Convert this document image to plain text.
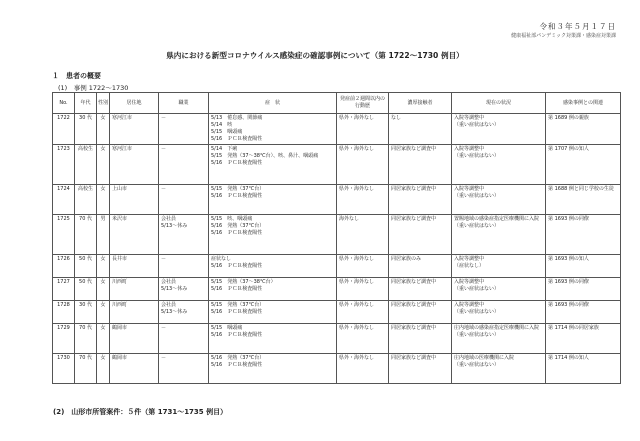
令和３年５月１７日
健康福祉部パンデミック対策課・感染症対策課
県内における新型コロナウイルス感染症の確認事例について（第 1722～1730 例目）
１　患者の概要
(1)　事例 1722～1730
No.	年代	性別	居住地	職業	症　状	発症前２週間以内の行動歴	濃厚接触者	現在の状況	感染事例との関連
1722	30 代	女	寒河江市	－	5/13　倦怠感、関節痛
5/14　咳
5/15　咽頭痛
5/16　ＰＣＲ検査陽性	県外・海外なし	なし	入院等調整中
（重い症状はない）	第 1689 例の親族
1723	高校生	女	寒河江市	－	5/14　下痢
5/15　発熱（37～38℃台）、咳、鼻汁、咽頭痛
5/16　ＰＣＲ検査陽性	県外・海外なし	同居家族など調査中	入院等調整中
（重い症状はない）	第 1707 例の知人
1724	高校生	女	上山市	－	5/15　発熱（37℃台）
5/16　ＰＣＲ検査陽性	県外・海外なし	同居家族など調査中	入院等調整中
（重い症状はない）	第 1688 例と同じ学校の生徒
1725	70 代	男	米沢市	会社員
5/13～休み	5/15　咳、咽頭痛
5/16　発熱（37℃台）
5/16　ＰＣＲ検査陽性	海外なし	同居家族など調査中	置賜地域の感染症指定医療機関に入院
（重い症状はない）	第 1693 例の同僚
1726	50 代	女	長井市	－	症状なし
5/16　ＰＣＲ検査陽性	県外・海外なし	同居家族のみ	入院等調整中
（症状なし）	第 1693 例の知人
1727	50 代	女	川西町	会社員
5/13～休み	5/15　発熱（37～38℃台）
5/16　ＰＣＲ検査陽性	県外・海外なし	同居家族など調査中	入院等調整中
（重い症状はない）	第 1693 例の同僚
1728	30 代	女	川西町	会社員
5/13～休み	5/15　発熱（37℃台）
5/16　ＰＣＲ検査陽性	県外・海外なし	同居家族など調査中	入院等調整中
（重い症状はない）	第 1693 例の同僚
1729	70 代	女	鶴岡市	－	5/15　咽頭痛
5/16　ＰＣＲ検査陽性	県外・海外なし	同居家族など調査中	庄内地域の感染症指定医療機関に入院
（重い症状はない）	第 1714 例の同居家族
1730	70 代	女	鶴岡市	－	5/16　発熱（37℃台）
5/16　ＰＣＲ検査陽性	県外・海外なし	同居家族など調査中	庄内地域の医療機関に入院
（重い症状はない）	第 1714 例の知人
(2)　山形市所管案件：５件（第 1731～1735 例目）
